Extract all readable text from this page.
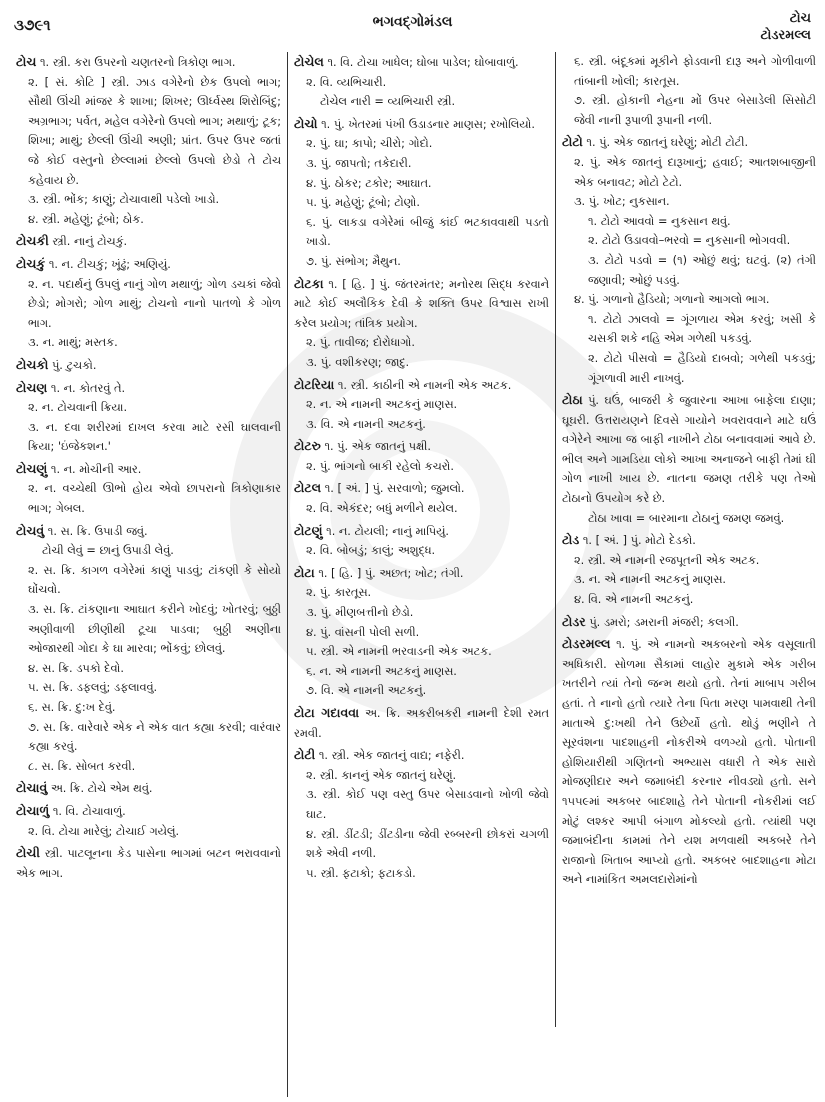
૩૭૯૧	ભગવદ્ગોમંડલ	ટોચ
ટોડરમલ્લ
ટોચ ૧. સ્ત્રી. કરા ઉપરનો ચણતરનો ત્રિકોણ ભાગ.
૨. [ સં. કોટિ ] સ્ત્રી. ઝાડ વગેરેનો છેક ઉપલો ભાગ; સૌથી ઊંચી માંજર કે શાખા; શિખર; ઊર્ધ્વસ્થ શિરોબિંદુ; અગ્રભાગ; પર્વત, મહેલ વગેરેનો ઉપલો ભાગ; મથાળું; ટૂક; શિખા; માથું; છેલ્લી ઊંચી અણી; પ્રાંત. ઉપર ઉપર જતાં જે કોઈ વસ્તુનો છેલ્લામાં છેલ્લો ઉપલો છેડો તે ટોચ કહેવાય છે.
૩. સ્ત્રી. ભોંક; કાણું; ટોચાવાથી પડેલો ખાડો.
૪. સ્ત્રી. મહેણું; ટૂંબો; ઠોક.
ટોચકી સ્ત્રી. નાનું ટોચકું.
ટોચકું ૧. ન. ટીચકું; ખૂંઢું; અણિયું.
૨. ન. પદાર્થનું ઉપલું નાનું ગોળ મથાળું; ગોળ ડચકાં જેવો છેડો; મોગરો; ગોળ માથું; ટોચનો નાનો પાતળો કે ગોળ ભાગ.
૩. ન. માથું; મસ્તક.
ટોચકો પું. ટુચકો.
ટોચણ ૧. ન. કોતરવું તે.
૨. ન. ટોચવાની ક્રિયા.
૩. ન. દવા શરીરમાં દાખલ કરવા માટે રસી ઘાલવાની ક્રિયા; 'ઇંજેકશન.'
ટોચણું ૧. ન. મોચીની આર.
૨. ન. વચ્ચેથી ઊભો હોય એવો છાપરાનો ત્રિકોણાકાર ભાગ; ગેબલ.
ટોચવું ૧. સ. ક્રિ. ઉપાડી જવું.
ટોચી લેવું = છાનું ઉપાડી લેવું.
૨. સ. ક્રિ. કાગળ વગેરેમાં કાણું પાડવું; ટાંકણી કે સોયો ઘોંચવો.
૩. સ. ક્રિ. ટાંકણાના આઘાત કરીને ખોદવું; ખોતરવું; બુઠ્ઠી અણીવાળી છીણીથી ટૂચા પાડવા; બુઠ્ઠી અણીના ઓજારથી ગોદા કે ઘા મારવા; ભોંકવું; છોલવું.
૪. સ. ક્રિ. ડપકો દેવો.
૫. સ. ક્રિ. ડફલવું; ડફલાવવું.
૬. સ. ક્રિ. દુ:ખ દેવું.
૭. સ. ક્રિ. વારેવારે એક ને એક વાત કહ્યા કરવી; વારંવાર કહ્યા કરવું.
૮. સ. ક્રિ. સોબત કરવી.
ટોચાવું અ. ક્રિ. ટોચે એમ થવું.
ટોચાળું ૧. વિ. ટોચાવાળું.
૨. વિ. ટોચા મારેલું; ટોચાઈ ગયેલું.
ટોચી સ્ત્રી. પાટલૂનના કેડ પાસેના ભાગમાં બટન ભરાવવાનો એક ભાગ.
ટોચેલ ૧. વિ. ટોચા ખાધેલ; ઘોબા પાડેલ; ઘોબાવાળું.
૨. વિ. વ્યભિચારી.
ટોચેલ નારી = વ્યભિચારી સ્ત્રી.
ટોચો ૧. પું. ખેતરમાં પંખી ઉડાડનાર માણસ; રખોલિયો.
૨. પું. ઘા; કાપો; ચીરો; ગોદો.
૩. પું. જાપતો; તકેદારી.
૪. પું. ઠોકર; ટકોર; આઘાત.
૫. પું. મહેણું; ટૂંબો; ટોણો.
૬. પું. લાકડા વગેરેમાં બીજું કાંઈ ભટકાવવાથી પડતો ખાડો.
૭. પું. સંભોગ; મૈથુન.
ટોટકા ૧. [ હિ. ] પું. જંતરમંતર; મનોરથ સિદ્ધ કરવાને માટે કોઈ અલૌકિક દેવી કે શક્તિ ઉપર વિશ્વાસ રાખી કરેલ પ્રયોગ; તાંત્રિક પ્રયોગ.
૨. પું. તાવીજ; દોરોધાગો.
૩. પું. વશીકરણ; જાદુ.
ટોટરિયા ૧. સ્ત્રી. કાઠીની એ નામની એક અટક.
૨. ન. એ નામની અટકનું માણસ.
૩. વિ. એ નામની અટકનું.
ટોટરુ ૧. પું. એક જાતનું પક્ષી.
૨. પું. ભાંગનો બાકી રહેલો કચરો.
ટોટલ ૧. [ અં. ] પું. સરવાળો; જુમલો.
૨. વિ. એકંદર; બધું મળીને થયેલ.
ટોટણું ૧. ન. ટોયલી; નાનું માપિયું.
૨. વિ. બોબડું; કાલું; અશુદ્ધ.
ટોટા ૧. [ હિ. ] પું. અછત; ખોટ; તંગી.
૨. પું. કારતૂસ.
૩. પું. મીણબત્તીનો છેડો.
૪. પું. વાંસની પોલી સળી.
૫. સ્ત્રી. એ નામની ભરવાડની એક અટક.
૬. ન. એ નામની અટકનું માણસ.
૭. વિ. એ નામની અટકનું.
ટોટા ગદાવવા અ. ક્રિ. અકરીબકરી નામની દેશી રમત રમવી.
ટોટી ૧. સ્ત્રી. એક જાતનું વાદ્ય; નફેરી.
૨. સ્ત્રી. કાનનું એક જાતનું ઘરેણું.
૩. સ્ત્રી. કોઈ પણ વસ્તુ ઉપર બેસાડવાનો ખોળી જેવો ઘાટ.
૪. સ્ત્રી. ડીંટડી; ડીંટડીના જેવી રબ્બરની છોકરાં ચગળી શકે એવી નળી.
૫. સ્ત્રી. ફટાકો; ફટાકડો.
૬. સ્ત્રી. બંદૂકમાં મૂકીને ફોડવાની દારૂ અને ગોળીવાળી તાંબાની ખોલી; કારતૂસ.
૭. સ્ત્રી. હોકાની નેહના મોં ઉપર બેસાડેલી સિસોટી જેવી નાની રૂપાળી રૂપાની નળી.
ટોટો ૧. પું. એક જાતનું ઘરેણું; મોટી ટોટી.
૨. પું. એક જાતનું દારૂખાનું; હવાઈ; આતશબાજીની એક બનાવટ; મોટો ટેટો.
૩. પું. ખોટ; નુકસાન.
૧. ટોટો આવવો = નુકસાન થવું.
૨. ટોટો ઉડાવવો–ભરવો = નુકસાની ભોગવવી.
૩. ટોટો પડવો = (૧) ઓછું થવું; ઘટવું. (૨) તંગી જણાવી; ઓછું પડવું.
૪. પું. ગળાનો હૈડિયો; ગળાનો આગલો ભાગ.
૧. ટોટો ઝાલવો = ગૂંગળાય એમ કરવું; ખસી કે ચસકી શકે નહિ એમ ગળેથી પકડવું.
૨. ટોટો પીસવો = હૈડિયો દાબવો; ગળેથી પકડવું; ગૂંગળાવી મારી નાખવું.
ટોઠા પું. ઘઉં, બાજરી કે જુવારના આખા બાફેલા દાણા; ઘૂઘરી. ઉત્તરાયણને દિવસે ગાયોને ખવરાવવાને માટે ઘઉં વગેરેને આખા જ બાફી નાખીને ટોઠા બનાવવામાં આવે છે. ભીલ અને ગામડિયા લોકો આખા અનાજને બાફી તેમાં ઘી ગોળ નાખી ખાય છે. નાતના જમણ તરીકે પણ તેઓ ટોઠાનો ઉપયોગ કરે છે.
ટોઠા ખાવા = બારમાના ટોઠાનું જમણ જમવું.
ટોડ ૧. [ અં. ] પું. મોટો દેડકો.
૨. સ્ત્રી. એ નામની રજપૂતની એક અટક.
૩. ન. એ નામની અટકનું માણસ.
૪. વિ. એ નામની અટકનું.
ટોડર પું. ડમરો; ડમરાની મંજરી; કલગી.
ટોડરમલ્લ ૧. પું. એ નામનો અકબરનો એક વસૂલાતી અધિકારી. સોળમા સૈકામાં લાહોર મુકામે એક ગરીબ ખતરીને ત્યાં તેનો જન્મ થયો હતો. તેનાં માબાપ ગરીબ હતાં. તે નાનો હતો ત્યારે તેના પિતા મરણ પામવાથી તેની માતાએ દુ:ખથી તેને ઉછેર્યો હતો. થોડું ભણીને તે સૂરવંશના પાદશાહની નોકરીએ વળગ્યો હતો. પોતાની હોશિયારીથી ગણિતનો અભ્યાસ વધારી તે એક સારો મોજણીદાર અને જમાબંદી કરનાર નીવડ્યો હતો. સને ૧૫૫૯માં અકબર બાદશાહે તેને પોતાની નોકરીમાં લઈ મોટું લશ્કર આપી બંગાળ મોકલ્યો હતો. ત્યાંથી પણ જમાબંદીના કામમાં તેને યશ મળવાથી અકબરે તેને રાજાનો ખિતાબ આપ્યો હતો. અકબર બાદશાહના મોટા અને નામાંકિત અમલદારોમાંનો
